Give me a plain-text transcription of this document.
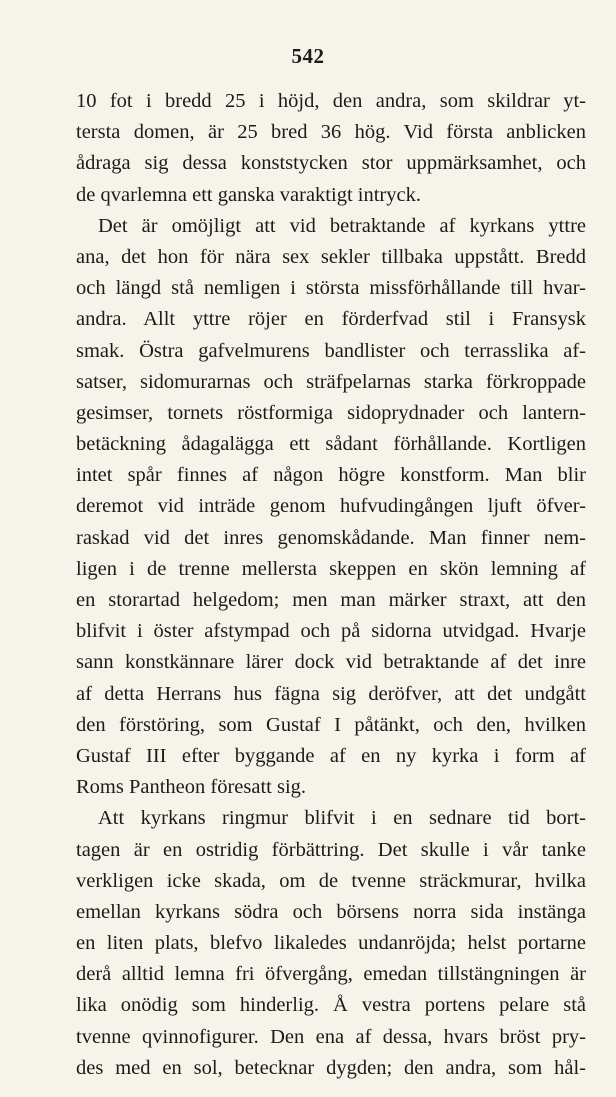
542
10 fot i bredd 25 i höjd, den andra, som skildrar yt-
tersta domen, är 25 bred 36 hög. Vid första anblicken
ådraga sig dessa konststycken stor uppmärksamhet, och
de qvarlemna ett ganska varaktigt intryck.
Det är omöjligt att vid betraktande af kyrkans yttre
ana, det hon för nära sex sekler tillbaka uppstått. Bredd
och längd stå nemligen i största missförhållande till hvar-
andra. Allt yttre röjer en förderfvad stil i Fransysk
smak. Östra gafvelmurens bandlister och terrasslika af-
satser, sidomurarnas och sträfpelarnas starka förkroppade
gesimser, tornets röstformiga sidoprydnader och lantern-
betäckning ådagalägga ett sådant förhållande. Kortligen
intet spår finnes af någon högre konstform. Man blir
deremot vid inträde genom hufvudingången ljuft öfver-
raskad vid det inres genomskådande. Man finner nem-
ligen i de trenne mellersta skeppen en skön lemning af
en storartad helgedom; men man märker straxt, att den
blifvit i öster afstympad och på sidorna utvidgad. Hvarje
sann konstkännare lärer dock vid betraktande af det inre
af detta Herrans hus fägna sig deröfver, att det undgått
den förstöring, som Gustaf I påtänkt, och den, hvilken
Gustaf III efter byggande af en ny kyrka i form af
Roms Pantheon föresatt sig.
Att kyrkans ringmur blifvit i en sednare tid bort-
tagen är en ostridig förbättring. Det skulle i vår tanke
verkligen icke skada, om de tvenne sträckmurar, hvilka
emellan kyrkans södra och börsens norra sida instänga
en liten plats, blefvo likaledes undanröjda; helst portarne
derå alltid lemna fri öfvergång, emedan tillstängningen är
lika onödig som hinderlig. Å vestra portens pelare stå
tvenne qvinnofigurer. Den ena af dessa, hvars bröst pry-
des med en sol, betecknar dygden; den andra, som hål-
